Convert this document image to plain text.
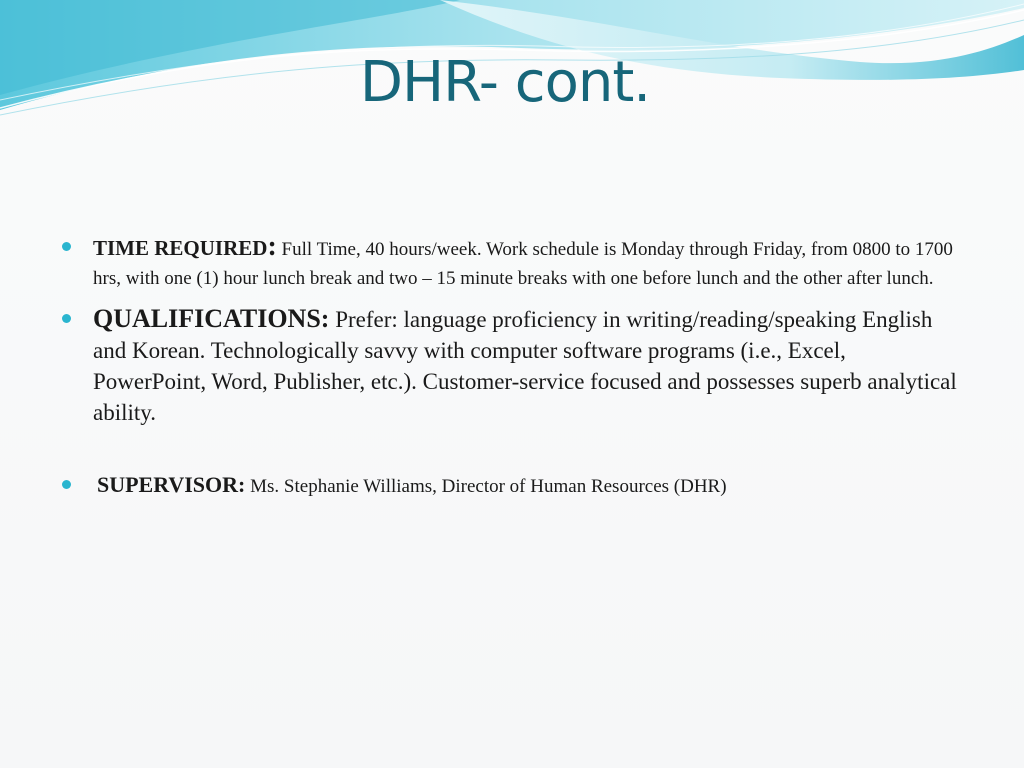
DHR- cont.
TIME REQUIRED: Full Time, 40 hours/week. Work schedule is Monday through Friday, from 0800 to 1700 hrs, with one (1) hour lunch break and two – 15 minute breaks with one before lunch and the other after lunch.
QUALIFICATIONS: Prefer: language proficiency in writing/reading/speaking English and Korean. Technologically savvy with computer software programs (i.e., Excel, PowerPoint, Word, Publisher, etc.). Customer-service focused and possesses superb analytical ability.
SUPERVISOR: Ms. Stephanie Williams, Director of Human Resources (DHR)
